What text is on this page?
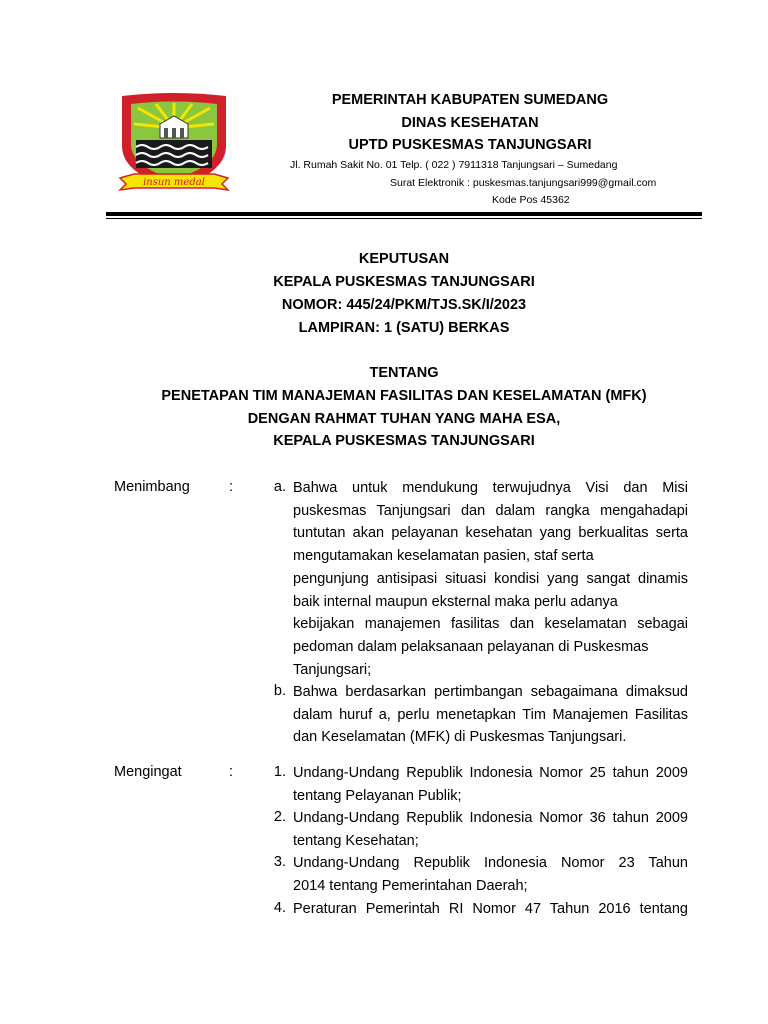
insun medal
PEMERINTAH KABUPATEN SUMEDANG
DINAS KESEHATAN
UPTD PUSKESMAS TANJUNGSARI
Jl. Rumah Sakit No. 01 Telp. ( 022 ) 7911318 Tanjungsari – Sumedang
Surat Elektronik : puskesmas.tanjungsari999@gmail.com
Kode Pos 45362
KEPUTUSAN
KEPALA PUSKESMAS TANJUNGSARI
NOMOR: 445/24/PKM/TJS.SK/I/2023
LAMPIRAN: 1 (SATU) BERKAS
TENTANG
PENETAPAN TIM MANAJEMAN FASILITAS DAN KESELAMATAN (MFK)
DENGAN RAHMAT TUHAN YANG MAHA ESA,
KEPALA PUSKESMAS TANJUNGSARI
Menimbang	:	a. Bahwa untuk mendukung terwujudnya Visi dan Misi
puskesmas Tanjungsari dan dalam rangka mengahadapi
tuntutan akan pelayanan kesehatan yang berkualitas serta
mengutamakan keselamatan pasien, staf serta
pengunjung antisipasi situasi kondisi yang sangat dinamis
baik internal maupun eksternal maka perlu adanya
kebijakan manajemen fasilitas dan keselamatan sebagai
pedoman dalam pelaksanaan pelayanan di Puskesmas
Tanjungsari;
b. Bahwa berdasarkan pertimbangan sebagaimana dimaksud
dalam huruf a, perlu menetapkan Tim Manajemen Fasilitas
dan Keselamatan (MFK) di Puskesmas Tanjungsari.
Mengingat	:	1. Undang-Undang Republik Indonesia Nomor 25 tahun 2009
tentang Pelayanan Publik;
2. Undang-Undang Republik Indonesia Nomor 36 tahun 2009
tentang Kesehatan;
3. Undang-Undang Republik Indonesia Nomor 23 Tahun
2014 tentang Pemerintahan Daerah;
4. Peraturan Pemerintah RI Nomor 47 Tahun 2016 tentang
